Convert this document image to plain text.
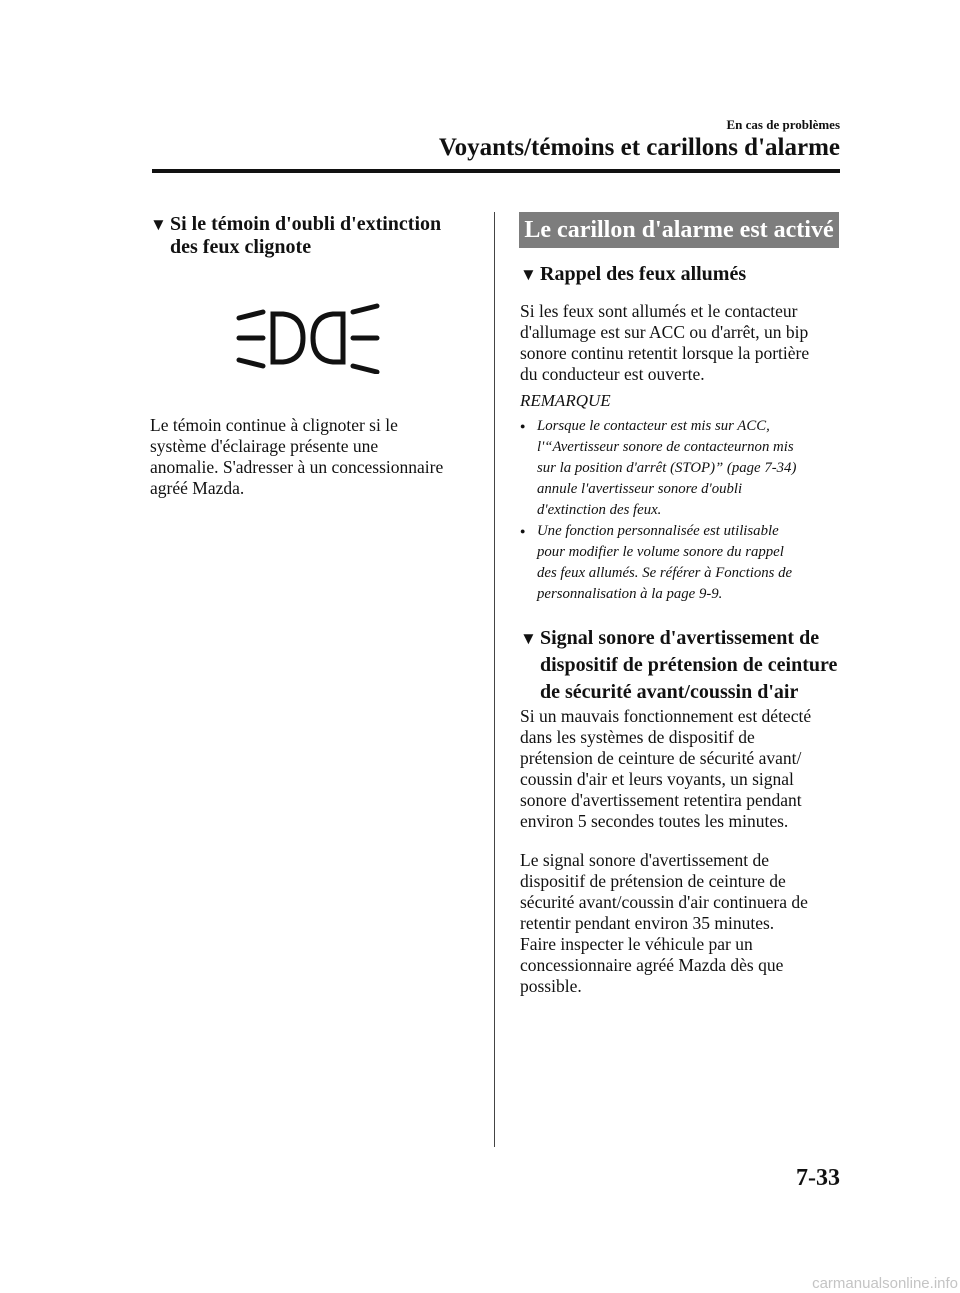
En cas de problèmes
Voyants/témoins et carillons d'alarme
▼ Si le témoin d'oubli d'extinction
des feux clignote
Le témoin continue à clignoter si le
système d'éclairage présente une
anomalie. S'adresser à un concessionnaire
agréé Mazda.
Le carillon d'alarme est activé
▼ Rappel des feux allumés
Si les feux sont allumés et le contacteur
d'allumage est sur ACC ou d'arrêt, un bip
sonore continu retentit lorsque la portière
du conducteur est ouverte.
REMARQUE
● Lorsque le contacteur est mis sur ACC,
l'“Avertisseur sonore de contacteurnon mis
sur la position d'arrêt (STOP)” (page 7-34)
annule l'avertisseur sonore d'oubli
d'extinction des feux.
● Une fonction personnalisée est utilisable
pour modifier le volume sonore du rappel
des feux allumés. Se référer à Fonctions de
personnalisation à la page 9-9.
▼ Signal sonore d'avertissement de
dispositif de prétension de ceinture
de sécurité avant/coussin d'air
Si un mauvais fonctionnement est détecté
dans les systèmes de dispositif de
prétension de ceinture de sécurité avant/
coussin d'air et leurs voyants, un signal
sonore d'avertissement retentira pendant
environ 5 secondes toutes les minutes.
Le signal sonore d'avertissement de
dispositif de prétension de ceinture de
sécurité avant/coussin d'air continuera de
retentir pendant environ 35 minutes.
Faire inspecter le véhicule par un
concessionnaire agréé Mazda dès que
possible.
7-33
carmanualsonline.info
